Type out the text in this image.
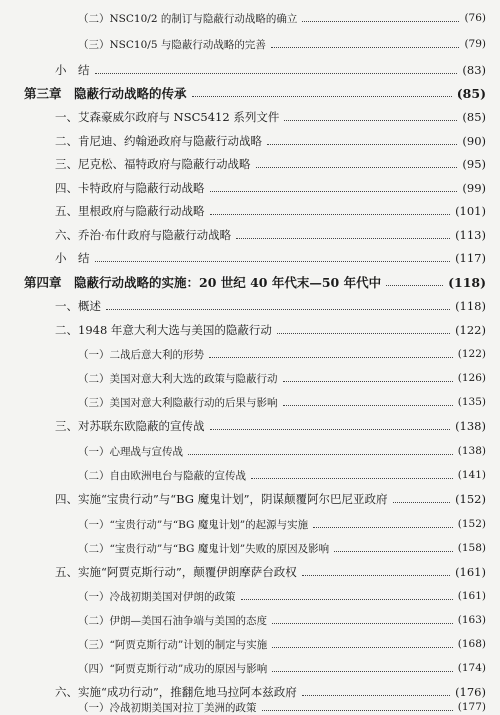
（二）NSC10/2 的制订与隐蔽行动战略的确立	(76)
（三）NSC10/5 与隐蔽行动战略的完善	(79)
小　结	(83)
第三章　隐蔽行动战略的传承	(85)
一、艾森豪威尔政府与 NSC5412 系列文件	(85)
二、肯尼迪、约翰逊政府与隐蔽行动战略	(90)
三、尼克松、福特政府与隐蔽行动战略	(95)
四、卡特政府与隐蔽行动战略	(99)
五、里根政府与隐蔽行动战略	(101)
六、乔治·布什政府与隐蔽行动战略	(113)
小　结	(117)
第四章　隐蔽行动战略的实施：20 世纪 40 年代末—50 年代中	(118)
一、概述	(118)
二、1948 年意大利大选与美国的隐蔽行动	(122)
（一）二战后意大利的形势	(122)
（二）美国对意大利大选的政策与隐蔽行动	(126)
（三）美国对意大利隐蔽行动的后果与影响	(135)
三、对苏联东欧隐蔽的宣传战	(138)
（一）心理战与宣传战	(138)
（二）自由欧洲电台与隐蔽的宣传战	(141)
四、实施“宝贵行动”与“BG 魔鬼计划”，阴谋颠覆阿尔巴尼亚政府	(152)
（一）“宝贵行动”与“BG 魔鬼计划”的起源与实施	(152)
（二）“宝贵行动”与“BG 魔鬼计划”失败的原因及影响	(158)
五、实施“阿贾克斯行动”，颠覆伊朗摩萨台政权	(161)
（一）冷战初期美国对伊朗的政策	(161)
（二）伊朗—美国石油争端与美国的态度	(163)
（三）“阿贾克斯行动”计划的制定与实施	(168)
（四）“阿贾克斯行动”成功的原因与影响	(174)
六、实施“成功行动”，推翻危地马拉阿本兹政府	(176)
（一）冷战初期美国对拉丁美洲的政策	(177)
